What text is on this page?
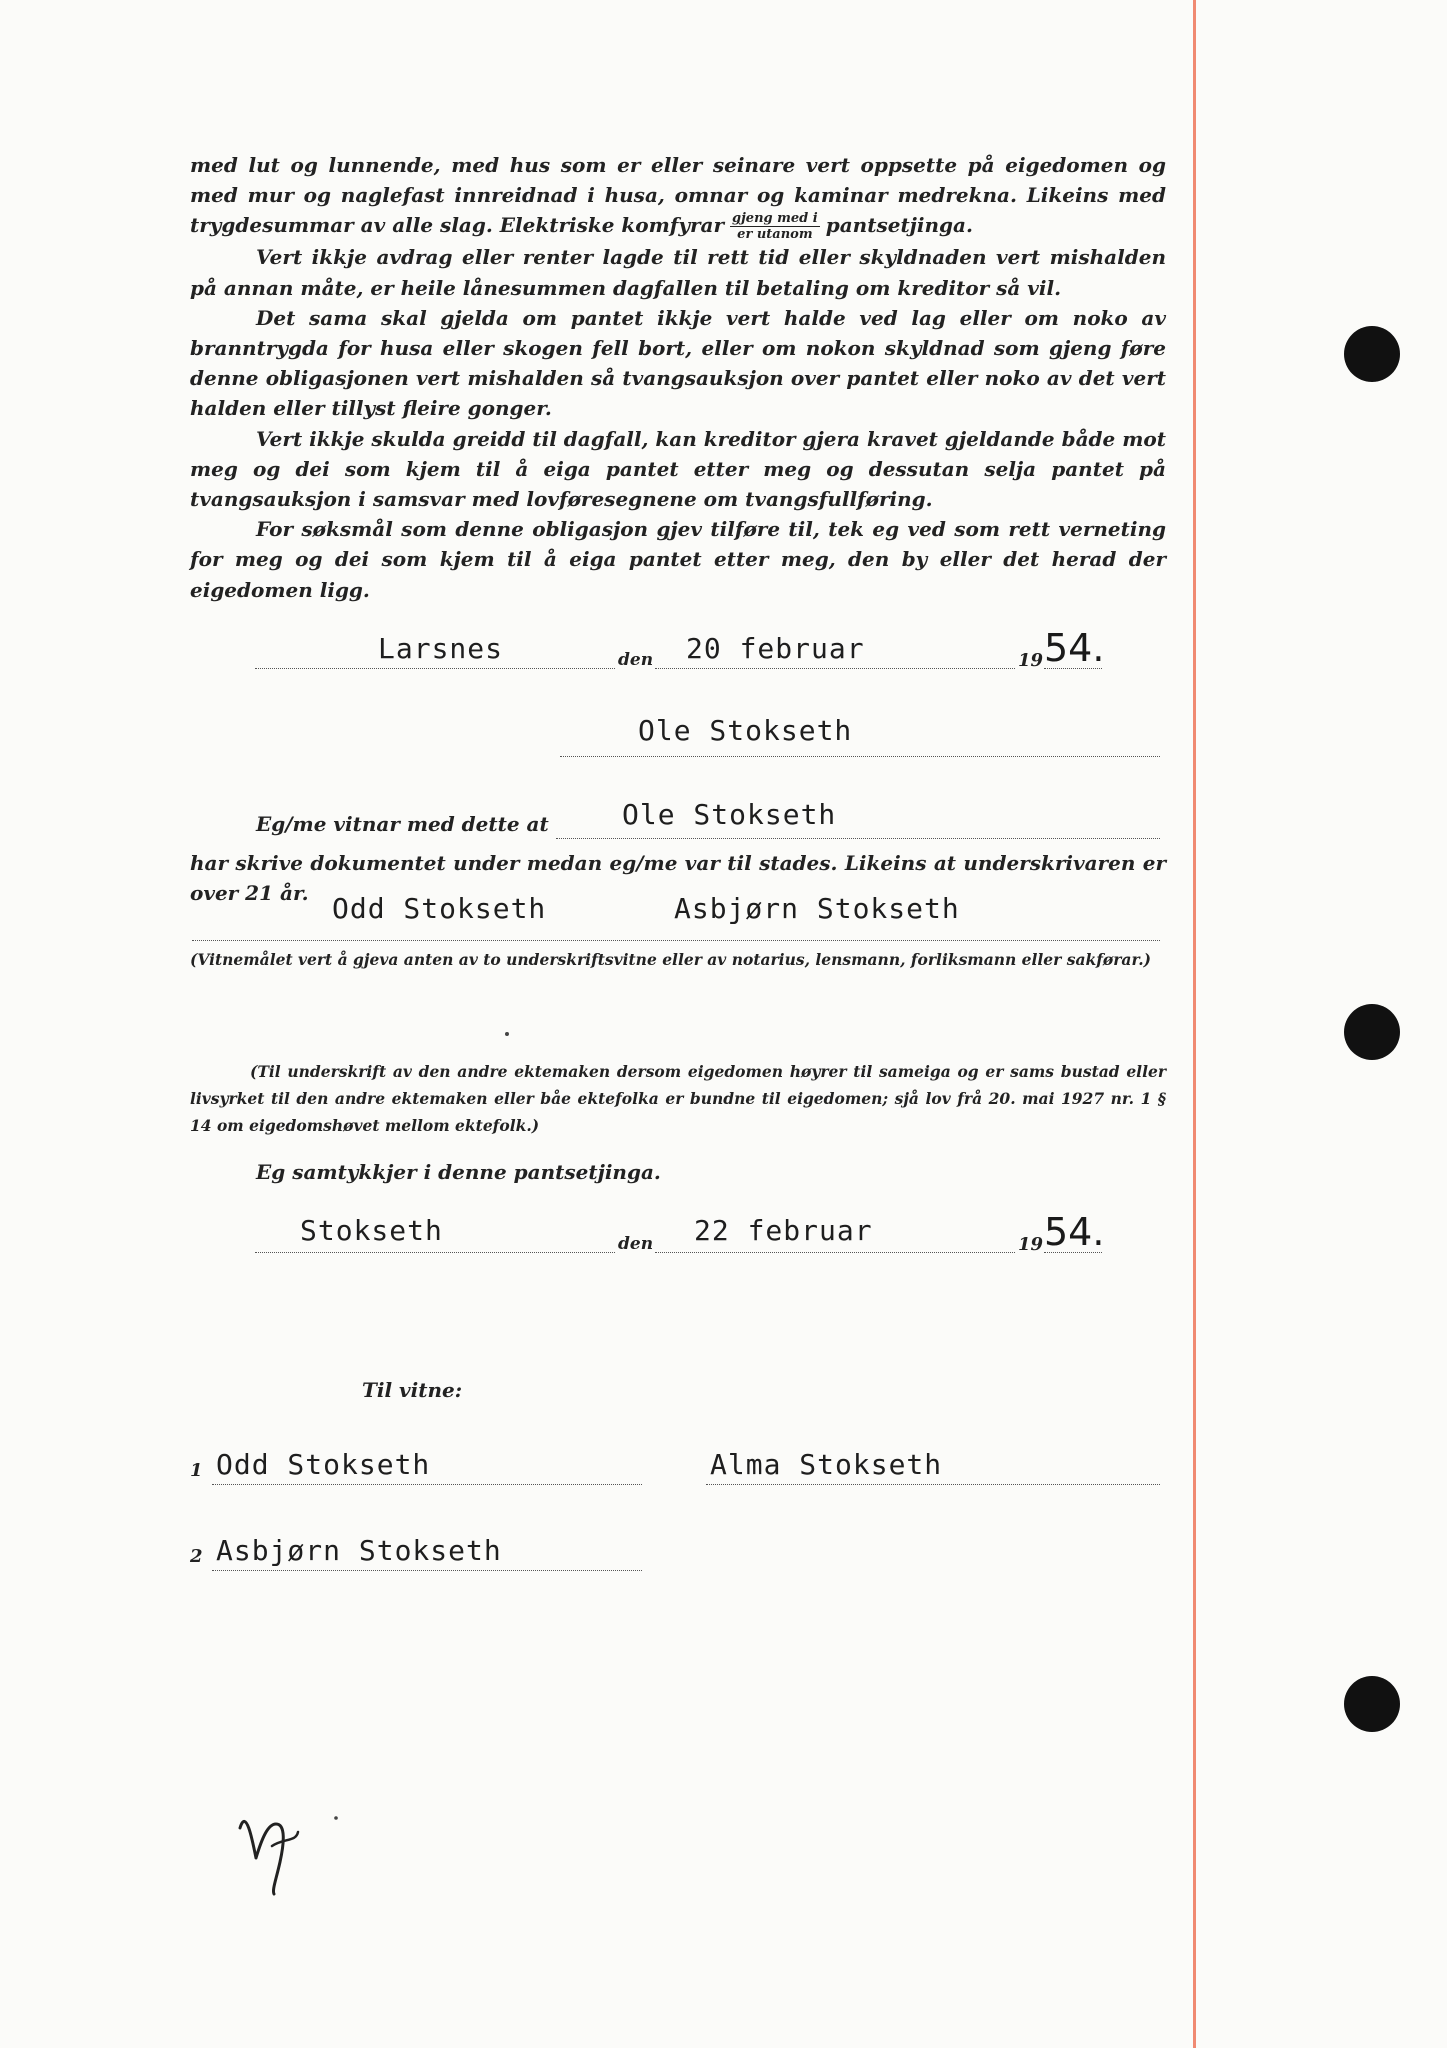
med lut og lunnende, med hus som er eller seinare vert oppsette på eigedomen og med mur og naglefast innreidnad i husa, omnar og kaminar medrekna. Likeins med trygdesummar av alle slag. Elektriske komfyrar $\frac{\text{gjeng med i}}{\text{er utanom}}$ pantsetjinga.

Vert ikkje avdrag eller renter lagde til rett tid eller skyldnaden vert mishalden på annan måte, er heile lånesummen dagfallen til betaling om kreditor så vil.

Det sama skal gjelda om pantet ikkje vert halde ved lag eller om noko av branntrygda for husa eller skogen fell bort, eller om nokon skyldnad som gjeng føre denne obligasjonen vert mishalden så tvangsauksjon over pantet eller noko av det vert halden eller tillyst fleire gonger.

Vert ikkje skulda greidd til dagfall, kan kreditor gjera kravet gjeldande både mot meg og dei som kjem til å eiga pantet etter meg og dessutan selja pantet på tvangsauksjon i samsvar med lovføresegnene om tvangsfullføring.

For søksmål som denne obligasjon gjev tilføre til, tek eg ved som rett verneting for meg og dei som kjem til å eiga pantet etter meg, den by eller det herad der eigedomen ligg.

Larsnes	den 20 februar	19 54.
Ole Stokseth
Eg/me vitnar med dette at	Ole Stokseth

har skrive dokumentet under medan eg/me var til stades. Likeins at underskrivaren er over 21 år. Odd Stokseth	Asbjørn Stokseth
(Vitnemålet vert å gjeva anten av to underskriftsvitne eller av notarius, lensmann, forliksmann eller sakførar.)

(Til underskrift av den andre ektemaken dersom eigedomen høyrer til sameiga og er sams bustad eller livsyrket til den andre ektemaken eller båe ektefolka er bundne til eigedomen; sjå lov frå 20. mai 1927 nr. 1 § 14 om eigedomshøvet mellom ektefolk.)

Eg samtykkjer i denne pantsetjinga.
Stokseth	den 22 februar	19 54.
Til vitne:
1 Odd Stokseth	Alma Stokseth
2 Asbjørn Stokseth
